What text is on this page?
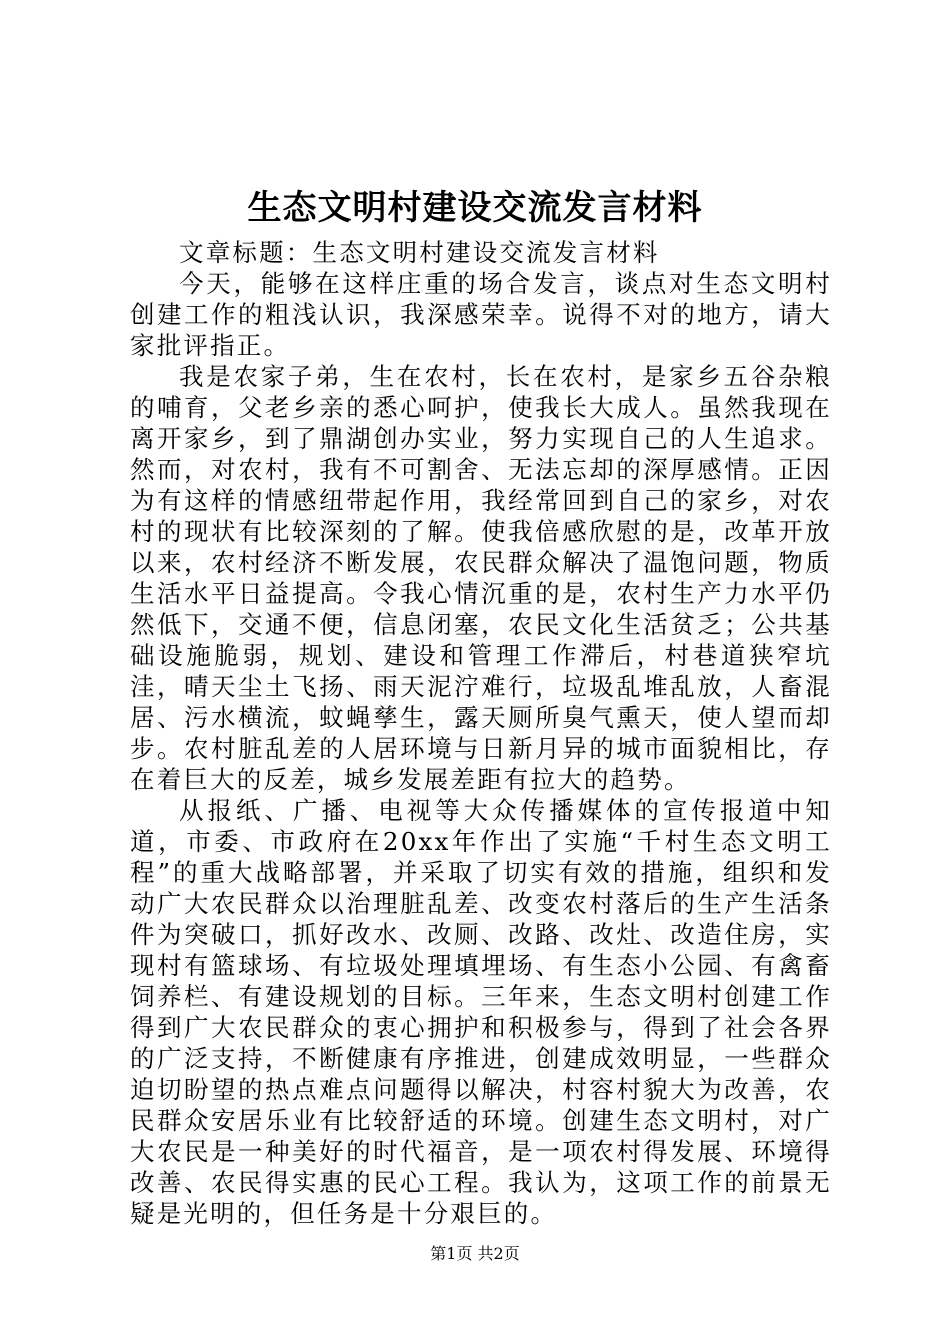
生态文明村建设交流发言材料

文章标题：生态文明村建设交流发言材料

今天，能够在这样庄重的场合发言，谈点对生态文明村创建工作的粗浅认识，我深感荣幸。说得不对的地方，请大家批评指正。

我是农家子弟，生在农村，长在农村，是家乡五谷杂粮的哺育，父老乡亲的悉心呵护，使我长大成人。虽然我现在离开家乡，到了鼎湖创办实业，努力实现自己的人生追求。然而，对农村，我有不可割舍、无法忘却的深厚感情。正因为有这样的情感纽带起作用，我经常回到自己的家乡，对农村的现状有比较深刻的了解。使我倍感欣慰的是，改革开放以来，农村经济不断发展，农民群众解决了温饱问题，物质生活水平日益提高。令我心情沉重的是，农村生产力水平仍然低下，交通不便，信息闭塞，农民文化生活贫乏；公共基础设施脆弱，规划、建设和管理工作滞后，村巷道狭窄坑洼，晴天尘土飞扬、雨天泥泞难行，垃圾乱堆乱放，人畜混居、污水横流，蚊蝇孳生，露天厕所臭气熏天，使人望而却步。农村脏乱差的人居环境与日新月异的城市面貌相比，存在着巨大的反差，城乡发展差距有拉大的趋势。

从报纸、广播、电视等大众传播媒体的宣传报道中知道，市委、市政府在20xx年作出了实施“千村生态文明工程”的重大战略部署，并采取了切实有效的措施，组织和发动广大农民群众以治理脏乱差、改变农村落后的生产生活条件为突破口，抓好改水、改厕、改路、改灶、改造住房，实现村有篮球场、有垃圾处理填埋场、有生态小公园、有禽畜饲养栏、有建设规划的目标。三年来，生态文明村创建工作得到广大农民群众的衷心拥护和积极参与，得到了社会各界的广泛支持，不断健康有序推进，创建成效明显，一些群众迫切盼望的热点难点问题得以解决，村容村貌大为改善，农民群众安居乐业有比较舒适的环境。创建生态文明村，对广大农民是一种美好的时代福音，是一项农村得发展、环境得改善、农民得实惠的民心工程。我认为，这项工作的前景无疑是光明的，但任务是十分艰巨的。

第1页 共2页
